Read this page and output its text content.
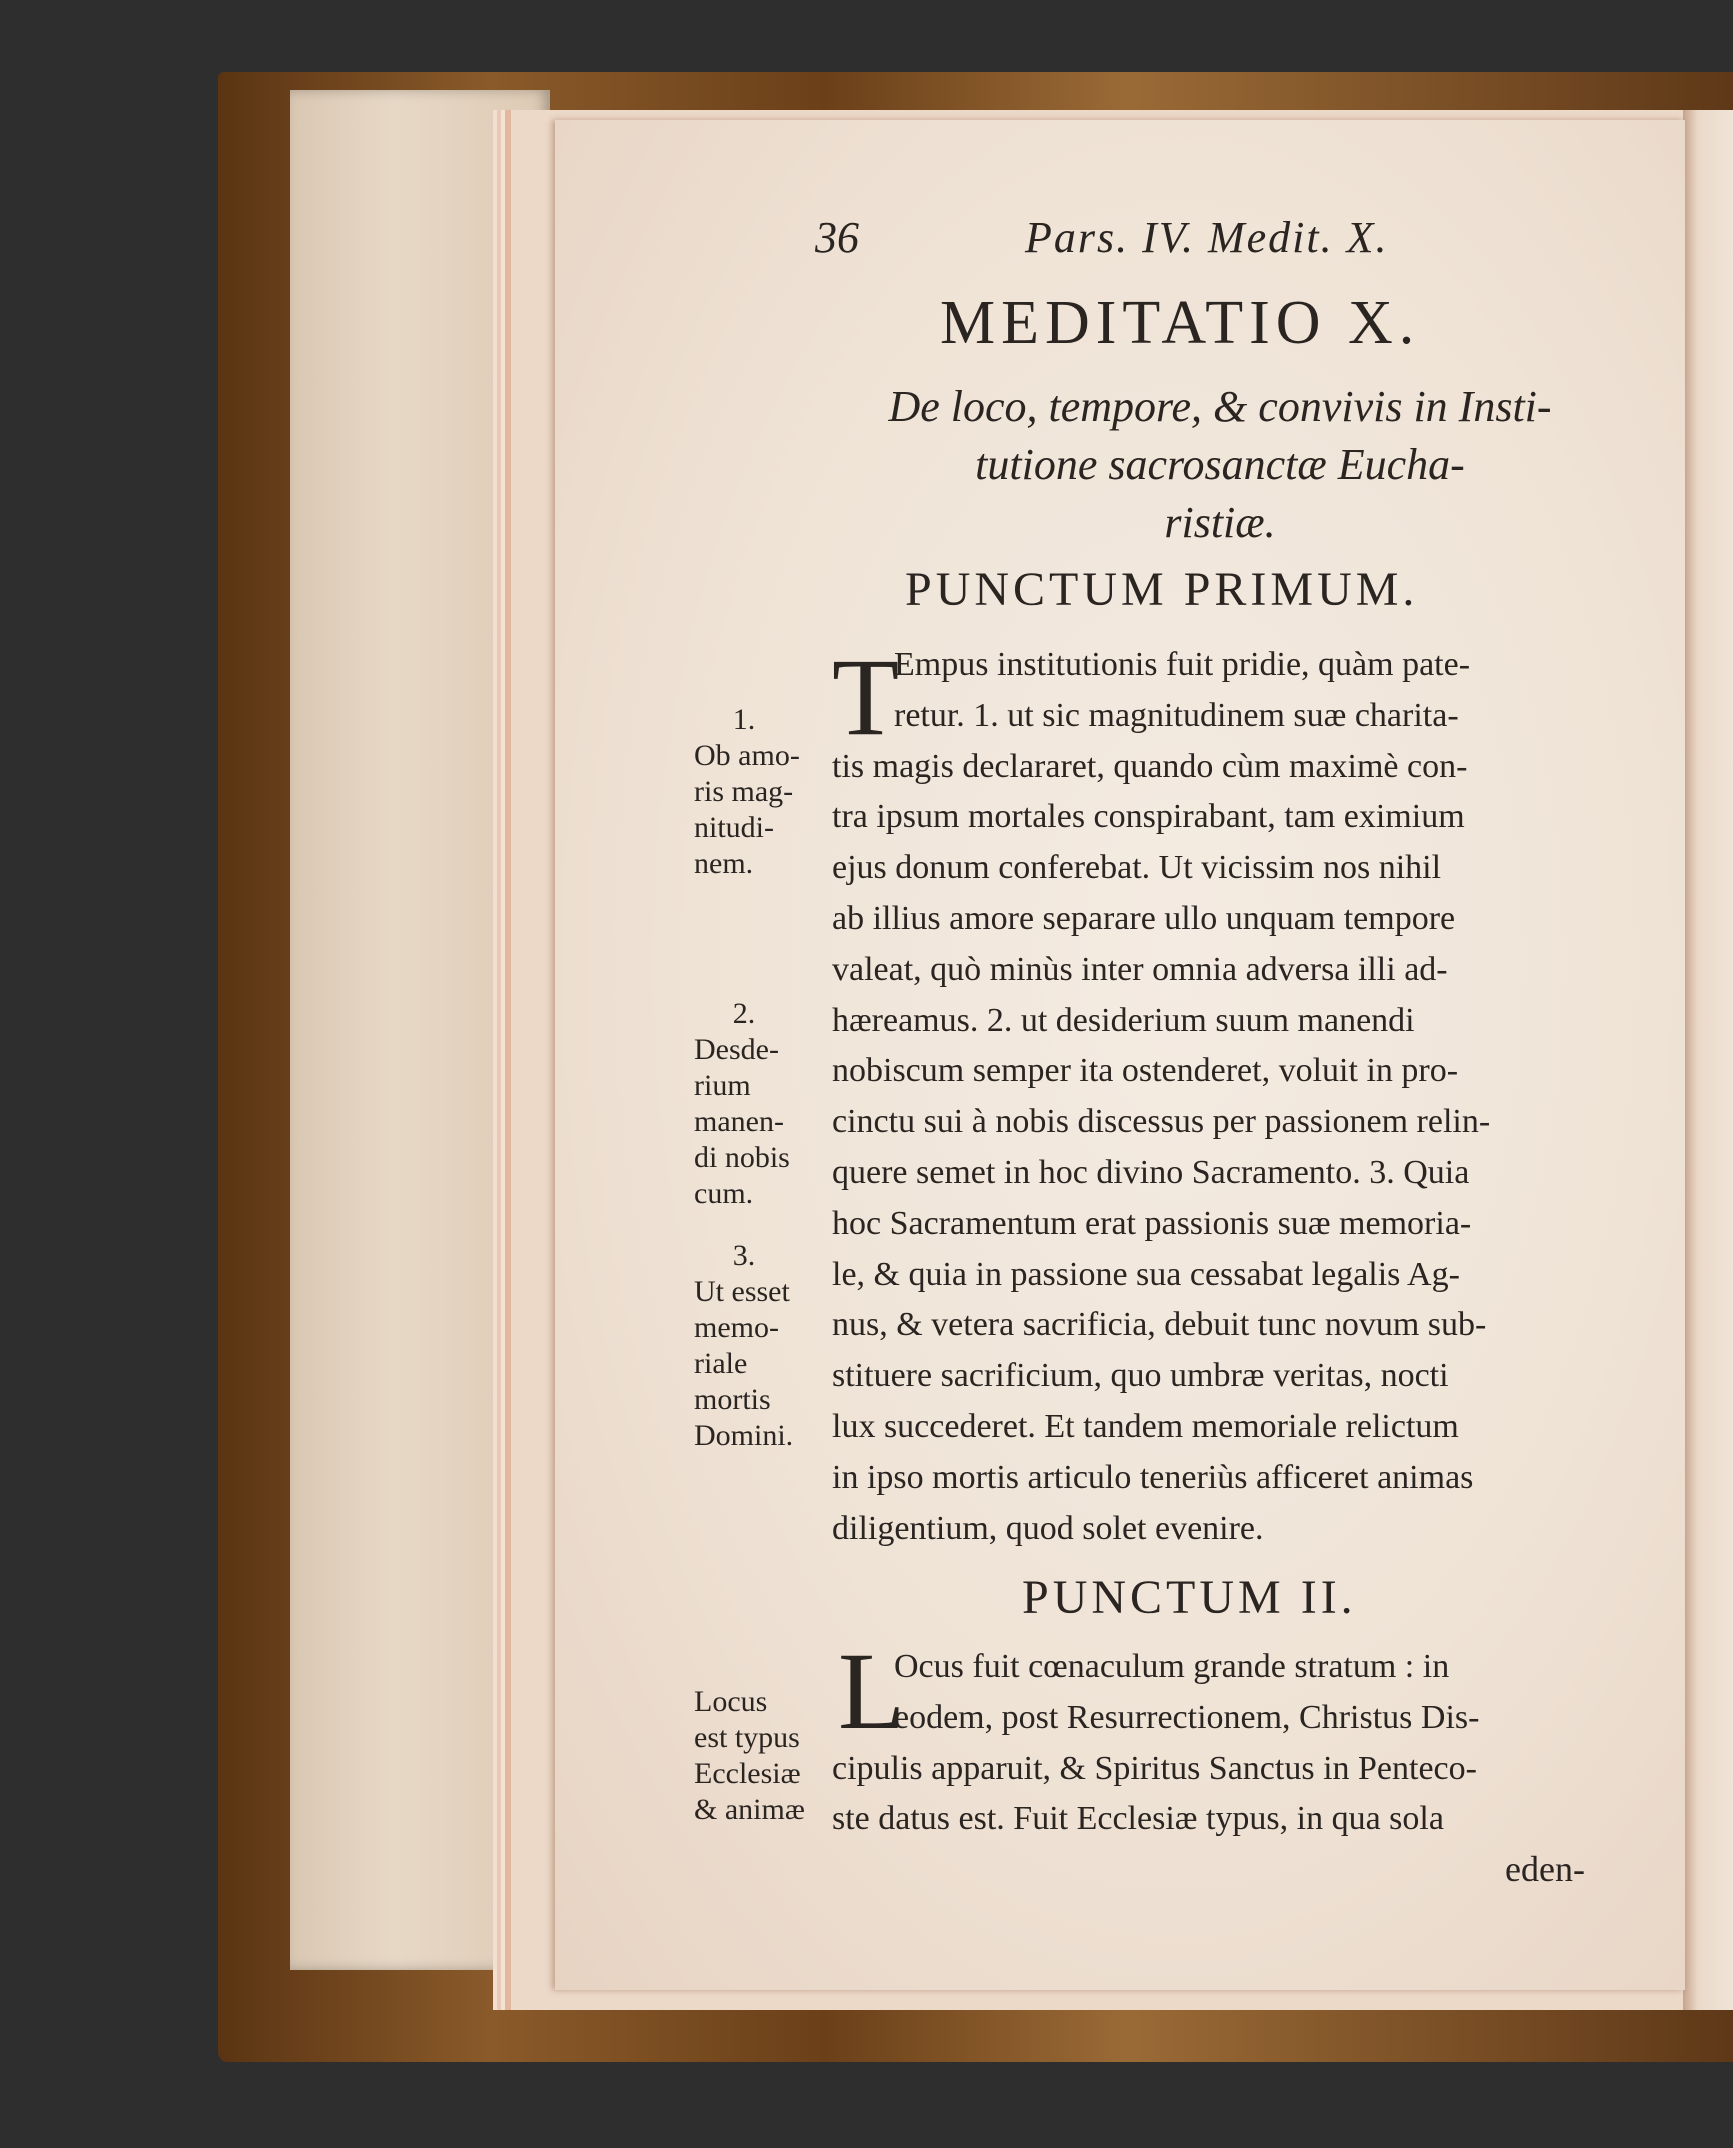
36	Pars. IV. Medit. X.
MEDITATIO X.
De loco, tempore, & convivis in Insti-
tutione sacrosanctæ Eucha-
ristiæ.
PUNCTUM PRIMUM.
T
Empus institutionis fuit pridie, quàm pate-
retur. 1. ut sic magnitudinem suæ charita-
tis magis declararet, quando cùm maximè con-
tra ipsum mortales conspirabant, tam eximium
ejus donum conferebat. Ut vicissim nos nihil
ab illius amore separare ullo unquam tempore
valeat, quò minùs inter omnia adversa illi ad-
hæreamus. 2. ut desiderium suum manendi
nobiscum semper ita ostenderet, voluit in pro-
cinctu sui à nobis discessus per passionem relin-
quere semet in hoc divino Sacramento. 3. Quia
hoc Sacramentum erat passionis suæ memoria-
le, & quia in passione sua cessabat legalis Ag-
nus, & vetera sacrificia, debuit tunc novum sub-
stituere sacrificium, quo umbræ veritas, nocti
lux succederet. Et tandem memoriale relictum
in ipso mortis articulo teneriùs afficeret animas
diligentium, quod solet evenire.
PUNCTUM II.
L
Ocus fuit cœnaculum grande stratum : in
eodem, post Resurrectionem, Christus Dis-
cipulis apparuit, & Spiritus Sanctus in Penteco-
ste datus est. Fuit Ecclesiæ typus, in qua sola
eden-
1.
Ob amo-
ris mag-
nitudi-
nem.
2.
Desde-
rium
manen-
di nobis
cum.
3.
Ut esset
memo-
riale
mortis
Domini.
Locus
est typus
Ecclesiæ
& animæ
